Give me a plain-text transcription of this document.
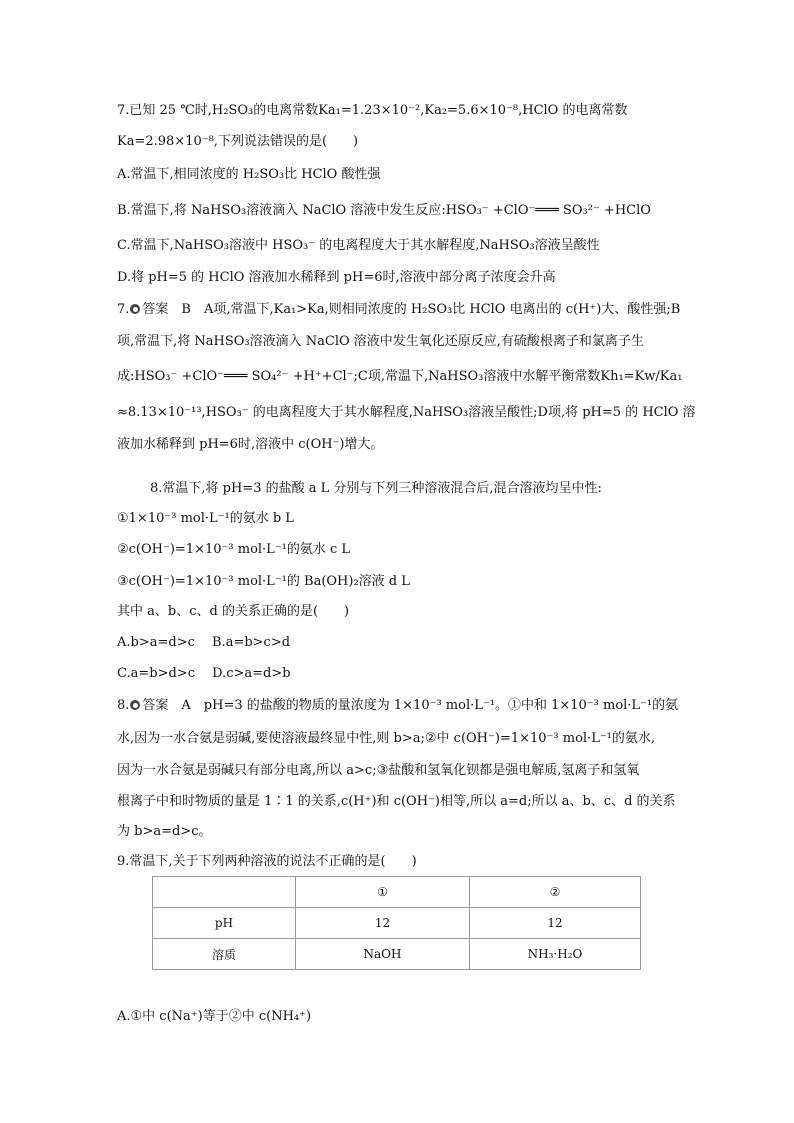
7.已知 25 ℃时,H₂SO₃的电离常数Ka₁=1.23×10⁻²,Ka₂=5.6×10⁻⁸,HClO 的电离常数
Ka=2.98×10⁻⁸,下列说法错误的是(　　)
A.常温下,相同浓度的 H₂SO₃比 HClO 酸性强
B.常温下,将 NaHSO₃溶液滴入 NaClO 溶液中发生反应:HSO₃⁻ +ClO⁻═══ SO₃²⁻ +HClO
C.常温下,NaHSO₃溶液中 HSO₃⁻ 的电离程度大于其水解程度,NaHSO₃溶液呈酸性
D.将 pH=5 的 HClO 溶液加水稀释到 pH=6时,溶液中部分离子浓度会升高
7. 答案　B　A项,常温下,Ka₁>Ka,则相同浓度的 H₂SO₃比 HClO 电离出的 c(H⁺)大、酸性强;B
项,常温下,将 NaHSO₃溶液滴入 NaClO 溶液中发生氧化还原反应,有硫酸根离子和氯离子生
成:HSO₃⁻ +ClO⁻═══ SO₄²⁻ +H⁺+Cl⁻;C项,常温下,NaHSO₃溶液中水解平衡常数Kh₁=Kw/Ka₁
≈8.13×10⁻¹³,HSO₃⁻ 的电离程度大于其水解程度,NaHSO₃溶液呈酸性;D项,将 pH=5 的 HClO 溶
液加水稀释到 pH=6时,溶液中 c(OH⁻)增大。
8.常温下,将 pH=3 的盐酸 a L 分别与下列三种溶液混合后,混合溶液均呈中性:
①1×10⁻³ mol·L⁻¹的氨水 b L
②c(OH⁻)=1×10⁻³ mol·L⁻¹的氨水 c L
③c(OH⁻)=1×10⁻³ mol·L⁻¹的 Ba(OH)₂溶液 d L
其中 a、b、c、d 的关系正确的是(　　)
A.b>a=d>c　 B.a=b>c>d
C.a=b>d>c　 D.c>a=d>b
8. 答案　A　pH=3 的盐酸的物质的量浓度为 1×10⁻³ mol·L⁻¹。①中和 1×10⁻³ mol·L⁻¹的氨
水,因为一水合氨是弱碱,要使溶液最终显中性,则 b>a;②中 c(OH⁻)=1×10⁻³ mol·L⁻¹的氨水,
因为一水合氨是弱碱只有部分电离,所以 a>c;③盐酸和氢氧化钡都是强电解质,氢离子和氢氧
根离子中和时物质的量是 1∶1 的关系,c(H⁺)和 c(OH⁻)相等,所以 a=d;所以 a、b、c、d 的关系
为 b>a=d>c。
9.常温下,关于下列两种溶液的说法不正确的是(　　)
	①	②
pH	12	12
溶质	NaOH	NH₃·H₂O
A.①中 c(Na⁺)等于②中 c(NH₄⁺)
